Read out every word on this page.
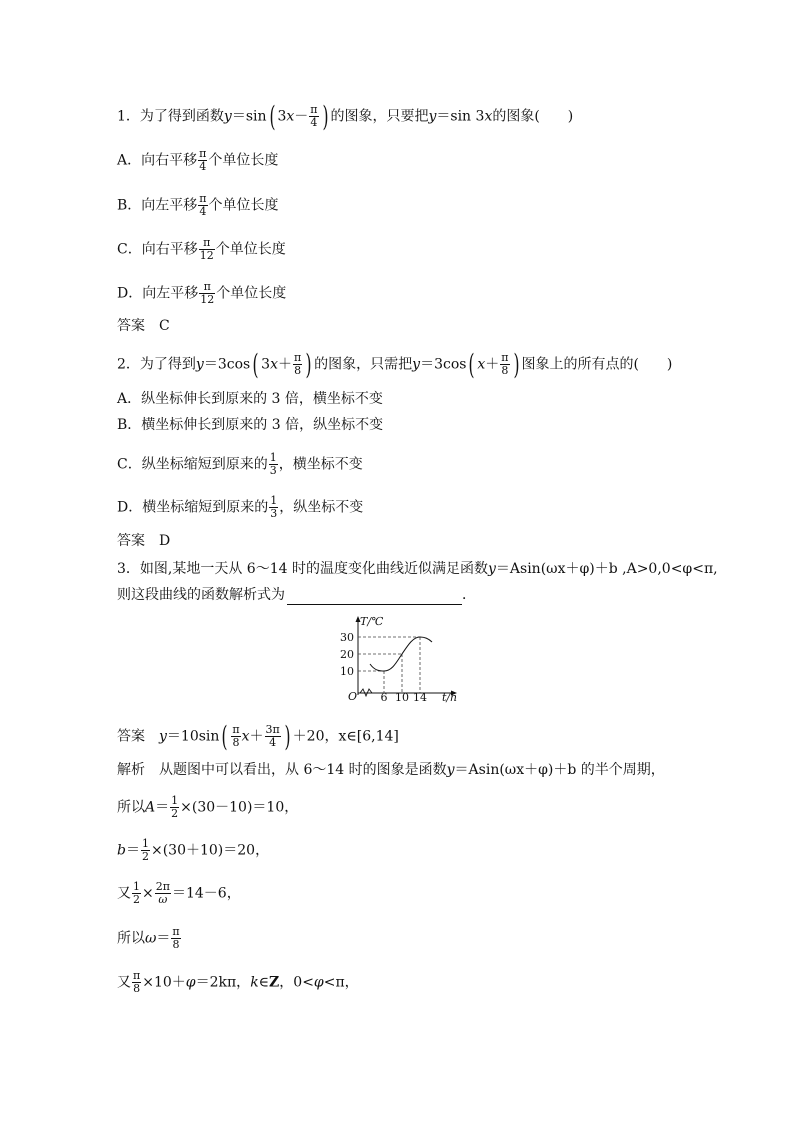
1．为了得到函数y＝sin( $3x- \frac{\pi}{4}$ ) 的图象，只要把y＝sin 3x的图象(　　)
A．向右平移 $\frac{\pi}{4}$ 个单位长度
B．向左平移 $\frac{\pi}{4}$ 个单位长度
C．向右平移 $\frac{\pi}{12}$ 个单位长度
D．向左平移 $\frac{\pi}{12}$ 个单位长度
答案　C
2．为了得到y＝3cos( $3x+ \frac{\pi}{8}$ ) 的图象，只需把y＝3cos( $x+ \frac{\pi}{8}$ ) 图象上的所有点的(　　)
A．纵坐标伸长到原来的 3 倍，横坐标不变
B．横坐标伸长到原来的 3 倍，纵坐标不变
C．纵坐标缩短到原来的 $\frac{1}{3}$ ，横坐标不变
D．横坐标缩短到原来的 $\frac{1}{3}$ ，纵坐标不变
答案　D
3．如图,某地一天从 6～14 时的温度变化曲线近似满足函数y＝Asin(ωx＋φ)＋b ,A>0,0<φ<π,
则这段曲线的函数解析式为	．
T/℃
30
20
10
O 6 10 14 t/h
答案　$y=10\sin( \frac{\pi}{8} x+ \frac{3\pi}{4}$ ) ＋20，x∈[6,14]
解析　从题图中可以看出，从 6～14 时的图象是函数y＝Asin(ωx＋φ)＋b 的半个周期，
所以$A= \frac{1}{2} \times(30-10)=10$，
$b= \frac{1}{2} \times(30+10)=20$，
又 $\frac{1}{2} \times \frac{2\pi}{\omega} =14-6$，
所以$\omega= \frac{\pi}{8}$
又 $\frac{\pi}{8} \times 10+\varphi=2k\pi$，k∈Z，0<φ<π，
